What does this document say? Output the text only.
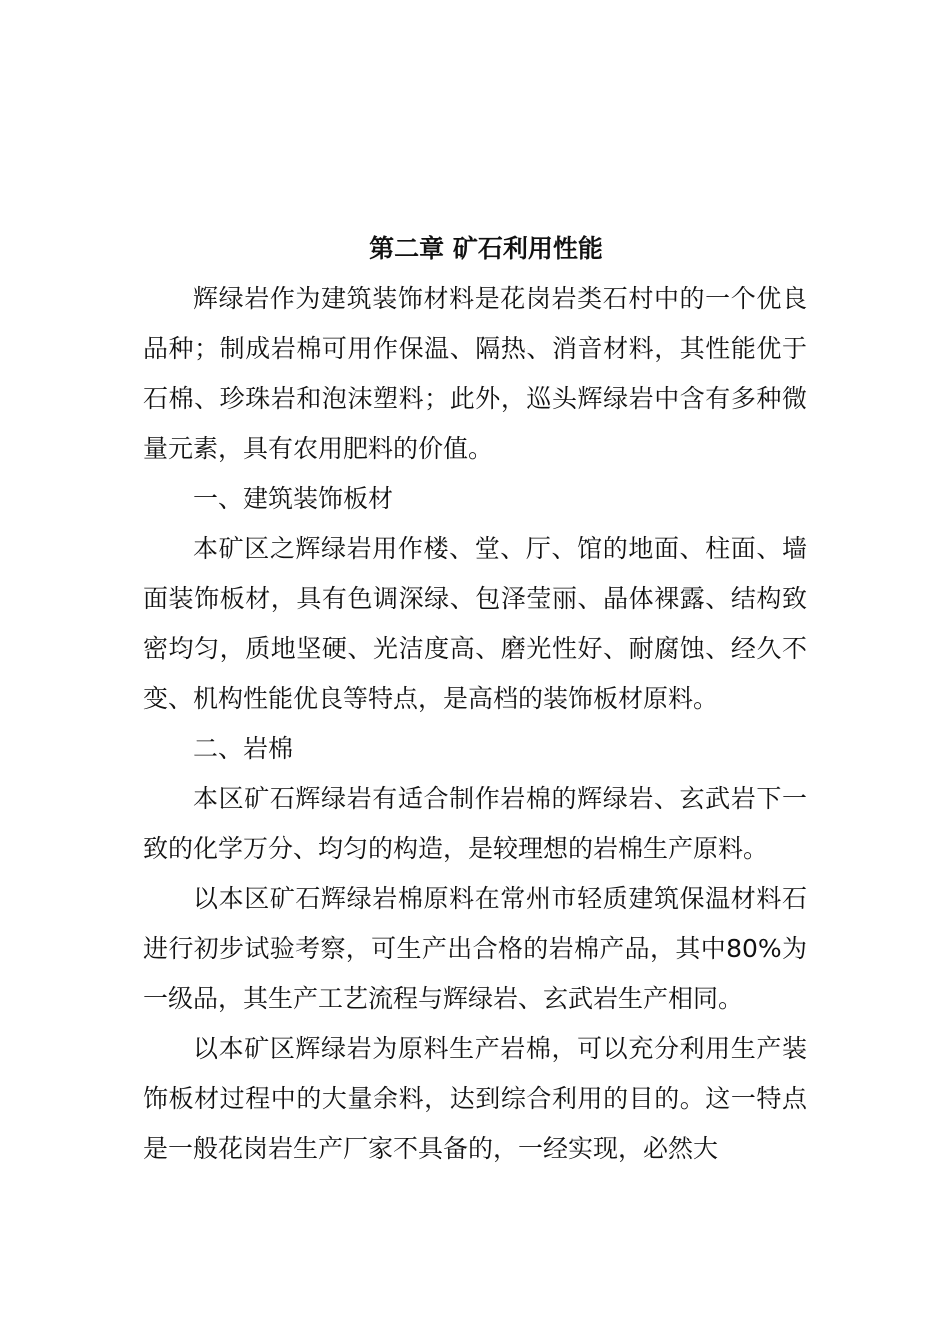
第二章 矿石利用性能

辉绿岩作为建筑装饰材料是花岗岩类石村中的一个优良品种；制成岩棉可用作保温、隔热、消音材料，其性能优于石棉、珍珠岩和泡沫塑料；此外，巡头辉绿岩中含有多种微量元素，具有农用肥料的价值。

一、建筑装饰板材

本矿区之辉绿岩用作楼、堂、厅、馆的地面、柱面、墙面装饰板材，具有色调深绿、包泽莹丽、晶体裸露、结构致密均匀，质地坚硬、光洁度高、磨光性好、耐腐蚀、经久不变、机构性能优良等特点，是高档的装饰板材原料。

二、岩棉

本区矿石辉绿岩有适合制作岩棉的辉绿岩、玄武岩下一致的化学万分、均匀的构造，是较理想的岩棉生产原料。

以本区矿石辉绿岩棉原料在常州市轻质建筑保温材料石进行初步试验考察，可生产出合格的岩棉产品，其中80%为一级品，其生产工艺流程与辉绿岩、玄武岩生产相同。

以本矿区辉绿岩为原料生产岩棉，可以充分利用生产装饰板材过程中的大量余料，达到综合利用的目的。这一特点是一般花岗岩生产厂家不具备的，一经实现，必然大
